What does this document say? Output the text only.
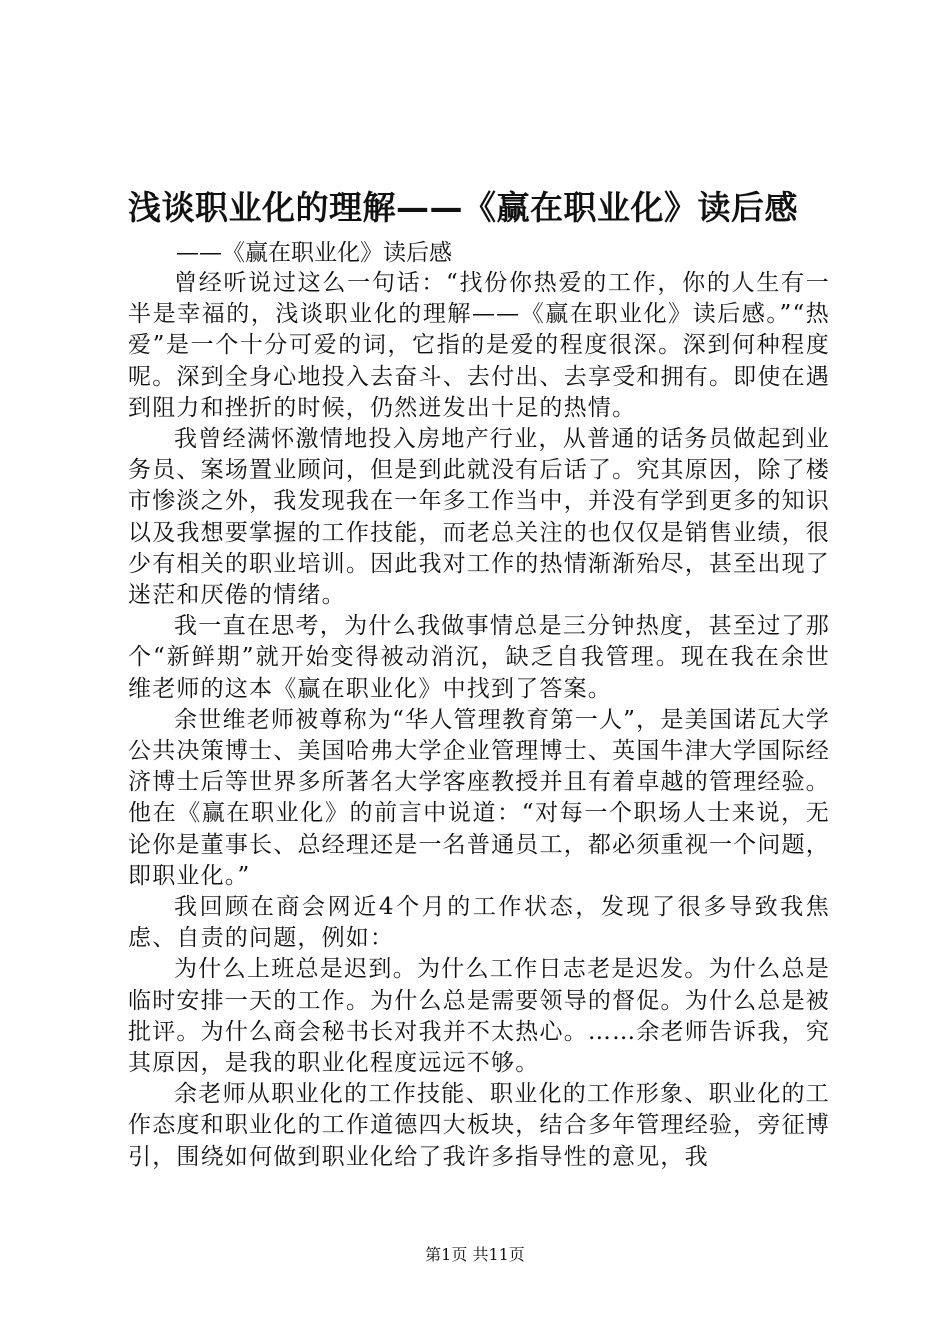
浅谈职业化的理解——《赢在职业化》读后感

——《赢在职业化》读后感

曾经听说过这么一句话：“找份你热爱的工作，你的人生有一半是幸福的，浅谈职业化的理解——《赢在职业化》读后感。”“热爱”是一个十分可爱的词，它指的是爱的程度很深。深到何种程度呢。深到全身心地投入去奋斗、去付出、去享受和拥有。即使在遇到阻力和挫折的时候，仍然迸发出十足的热情。

我曾经满怀激情地投入房地产行业，从普通的话务员做起到业务员、案场置业顾问，但是到此就没有后话了。究其原因，除了楼市惨淡之外，我发现我在一年多工作当中，并没有学到更多的知识以及我想要掌握的工作技能，而老总关注的也仅仅是销售业绩，很少有相关的职业培训。因此我对工作的热情渐渐殆尽，甚至出现了迷茫和厌倦的情绪。

我一直在思考，为什么我做事情总是三分钟热度，甚至过了那个“新鲜期”就开始变得被动消沉，缺乏自我管理。现在我在余世维老师的这本《赢在职业化》中找到了答案。

余世维老师被尊称为“华人管理教育第一人”，是美国诺瓦大学公共决策博士、美国哈弗大学企业管理博士、英国牛津大学国际经济博士后等世界多所著名大学客座教授并且有着卓越的管理经验。他在《赢在职业化》的前言中说道：“对每一个职场人士来说，无论你是董事长、总经理还是一名普通员工，都必须重视一个问题，即职业化。”

我回顾在商会网近4个月的工作状态，发现了很多导致我焦虑、自责的问题，例如：

为什么上班总是迟到。为什么工作日志老是迟发。为什么总是临时安排一天的工作。为什么总是需要领导的督促。为什么总是被批评。为什么商会秘书长对我并不太热心。……余老师告诉我，究其原因，是我的职业化程度远远不够。

余老师从职业化的工作技能、职业化的工作形象、职业化的工作态度和职业化的工作道德四大板块，结合多年管理经验，旁征博引，围绕如何做到职业化给了我许多指导性的意见，我

第1页 共11页
